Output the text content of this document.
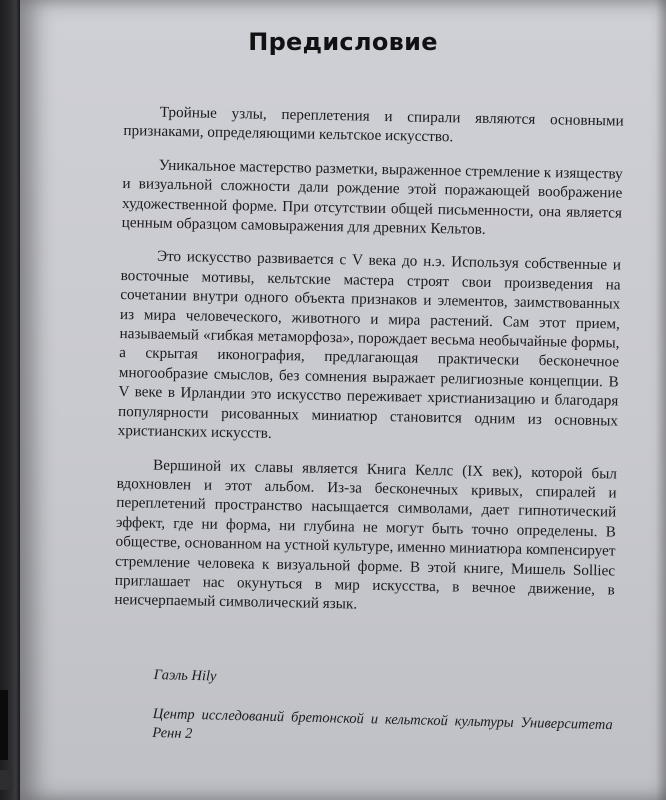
Предисловие

Тройные узлы, переплетения и спирали являются основными признаками, определяющими кельтское искусство.

Уникальное мастерство разметки, выраженное стремление к изяществу и визуальной сложности дали рождение этой поражающей воображение художественной форме. При отсутствии общей письменности, она является ценным образцом самовыражения для древних Кельтов.

Это искусство развивается с V века до н.э. Используя собственные и восточные мотивы, кельтские мастера строят свои произведения на сочетании внутри одного объекта признаков и элементов, заимствованных из мира человеческого, животного и мира растений. Сам этот прием, называемый «гибкая метаморфоза», порождает весьма необычайные формы, а скрытая иконография, предлагающая практически бесконечное многообразие смыслов, без сомнения выражает религиозные концепции. В V веке в Ирландии это искусство переживает христианизацию и благодаря популярности рисованных миниатюр становится одним из основных христианских искусств.

Вершиной их славы является Книга Келлс (IX век), которой был вдохновлен и этот альбом. Из-за бесконечных кривых, спиралей и переплетений пространство насыщается символами, дает гипнотический эффект, где ни форма, ни глубина не могут быть точно определены. В обществе, основанном на устной культуре, именно миниатюра компенсирует стремление человека к визуальной форме. В этой книге, Мишель Solliec приглашает нас окунуться в мир искусства, в вечное движение, в неисчерпаемый символический язык.

Гаэль Hily

Центр исследований бретонской и кельтской культуры Университета Ренн 2
